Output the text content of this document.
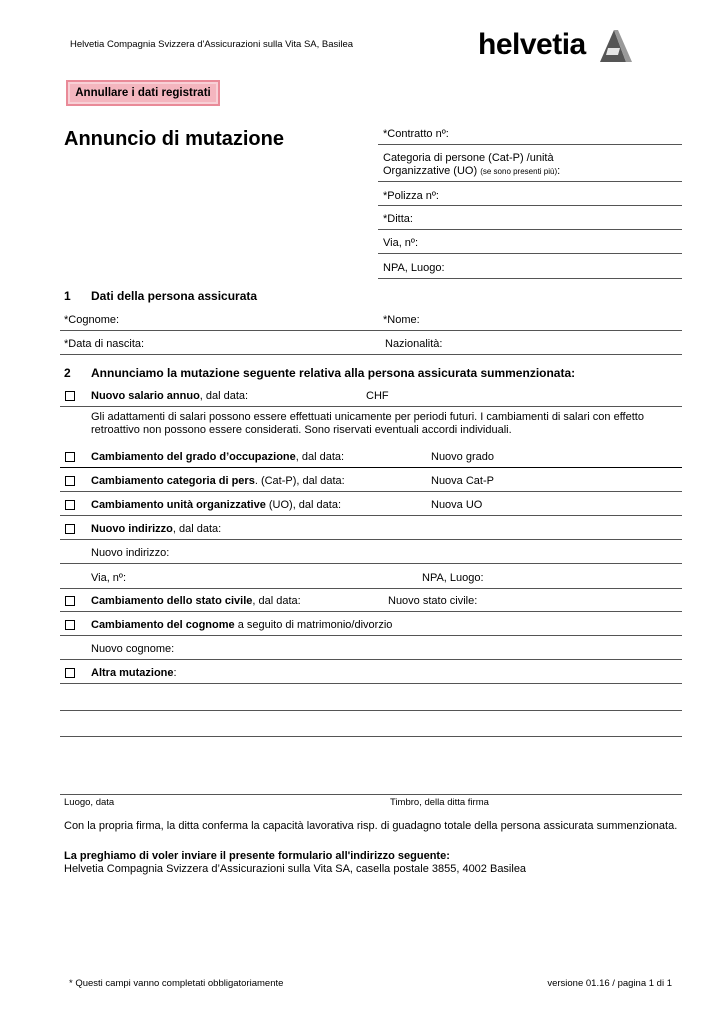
Helvetia Compagnia Svizzera d'Assicurazioni sulla Vita SA, Basilea	helvetia
Annullare i dati registrati
Annuncio di mutazione	*Contratto nº:
Categoria di persone (Cat-P) /unità
Organizzative (UO) (se sono presenti più):
*Polizza nº:
*Ditta:
Via, nº:
NPA, Luogo:
1 Dati della persona assicurata
*Cognome:	*Nome:
*Data di nascita:	Nazionalità:
2 Annunciamo la mutazione seguente relativa alla persona assicurata summenzionata:
Nuovo salario annuo, dal data:	CHF
Gli adattamenti di salari possono essere effettuati unicamente per periodi futuri. I cambiamenti di salari con effetto
retroattivo non possono essere considerati. Sono riservati eventuali accordi individuali.
Cambiamento del grado d’occupazione, dal data:	Nuovo grado
Cambiamento categoria di pers. (Cat-P), dal data:	Nuova Cat-P
Cambiamento unità organizzative (UO), dal data:	Nuova UO
Nuovo indirizzo, dal data:
Nuovo indirizzo:
Via, nº:	NPA, Luogo:
Cambiamento dello stato civile, dal data:	Nuovo stato civile:
Cambiamento del cognome a seguito di matrimonio/divorzio
Nuovo cognome:
Altra mutazione:
Luogo, data	Timbro, della ditta firma
Con la propria firma, la ditta conferma la capacità lavorativa risp. di guadagno totale della persona assicurata summenzionata.
La preghiamo di voler inviare il presente formulario all'indirizzo seguente:
Helvetia Compagnia Svizzera d’Assicurazioni sulla Vita SA, casella postale 3855, 4002 Basilea
* Questi campi vanno completati obbligatoriamente	versione 01.16 / pagina 1 di 1
